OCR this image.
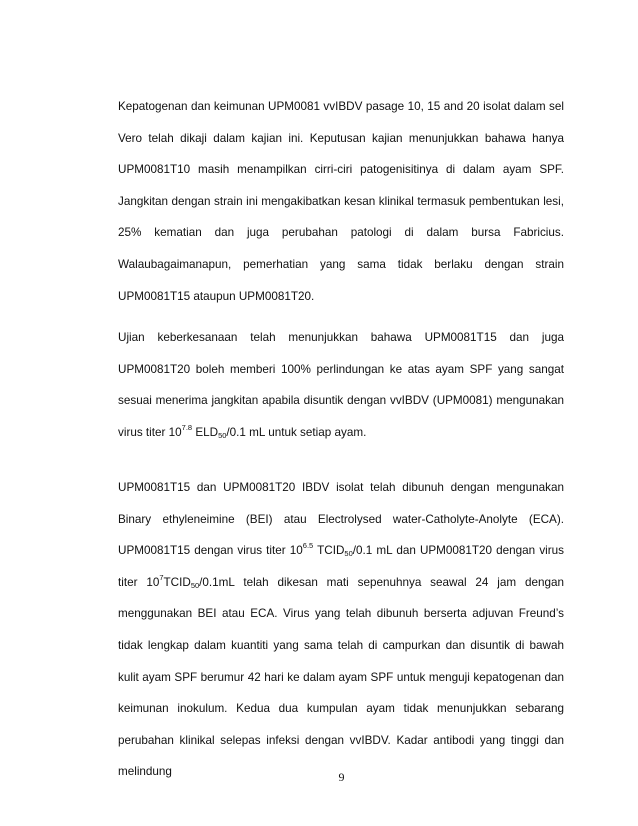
Kepatogenan dan keimunan UPM0081 vvIBDV pasage 10, 15 and 20 isolat dalam sel Vero telah dikaji dalam kajian ini. Keputusan kajian menunjukkan bahawa hanya UPM0081T10 masih menampilkan cirri-ciri patogenisitinya di dalam ayam SPF. Jangkitan dengan strain ini mengakibatkan kesan klinikal termasuk pembentukan lesi, 25% kematian dan juga perubahan patologi di dalam bursa Fabricius. Walaubagaimanapun, pemerhatian yang sama tidak berlaku dengan strain UPM0081T15 ataupun UPM0081T20.

Ujian keberkesanaan telah menunjukkan bahawa UPM0081T15 dan juga UPM0081T20 boleh memberi 100% perlindungan ke atas ayam SPF yang sangat sesuai menerima jangkitan apabila disuntik dengan vvIBDV (UPM0081) mengunakan virus titer $10^{7.8}$ $ELD_{50}/0.1$ mL untuk setiap ayam.

UPM0081T15 dan UPM0081T20 IBDV isolat telah dibunuh dengan mengunakan Binary ethyleneimine (BEI) atau Electrolysed water-Catholyte-Anolyte (ECA). UPM0081T15 dengan virus titer $10^{6.5}$ $TCID_{50}/0.1$ mL dan UPM0081T20 dengan virus titer $10^7TCID_{50}/0.1mL$ telah dikesan mati sepenuhnya seawal 24 jam dengan menggunakan BEI atau ECA. Virus yang telah dibunuh berserta adjuvan Freund’s tidak lengkap dalam kuantiti yang sama telah di campurkan dan disuntik di bawah kulit ayam SPF berumur 42 hari ke dalam ayam SPF untuk menguji kepatogenan dan keimunan inokulum. Kedua dua kumpulan ayam tidak menunjukkan sebarang perubahan klinikal selepas infeksi dengan vvIBDV. Kadar antibodi yang tinggi dan melindung	9
